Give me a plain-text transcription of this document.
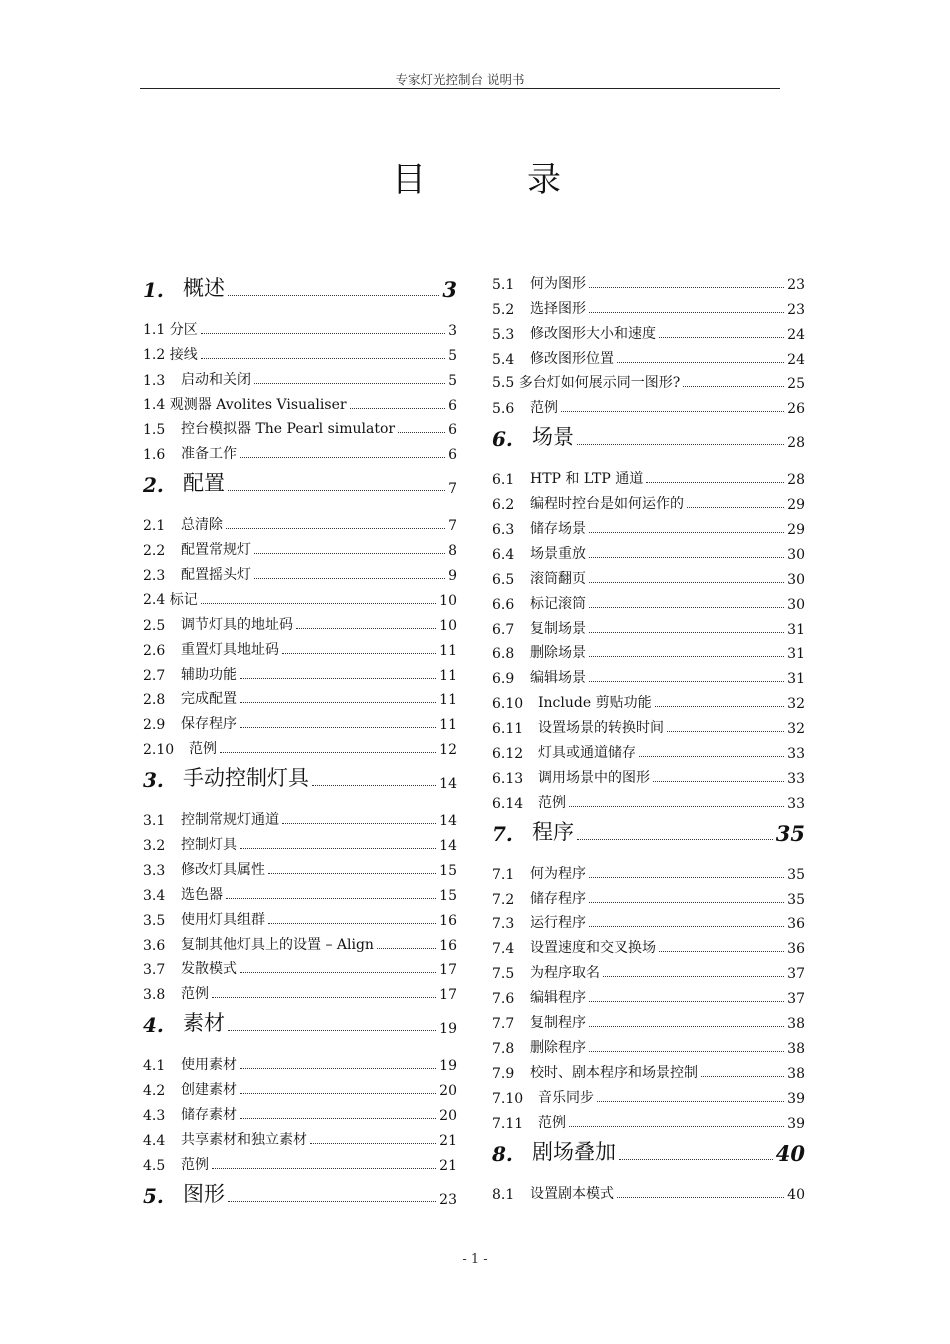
专家灯光控制台 说明书
目	录
1. 概述	3
1.1 分区	3
1.2 接线	5
1.3	启动和关闭	5
1.4 观测器 Avolites Visualiser	6
1.5	控台模拟器 The Pearl simulator	6
1.6	准备工作	6
2. 配置	7
2.1	总清除	7
2.2	配置常规灯	8
2.3	配置摇头灯	9
2.4 标记	10
2.5	调节灯具的地址码	10
2.6	重置灯具地址码	11
2.7	辅助功能	11
2.8	完成配置	11
2.9	保存程序	11
2.10	范例	12
3. 手动控制灯具	14
3.1	控制常规灯通道	14
3.2	控制灯具	14
3.3	修改灯具属性	15
3.4	选色器	15
3.5	使用灯具组群	16
3.6	复制其他灯具上的设置 – Align	16
3.7	发散模式	17
3.8	范例	17
4. 素材	19
4.1	使用素材	19
4.2	创建素材	20
4.3	储存素材	20
4.4	共享素材和独立素材	21
4.5	范例	21
5. 图形	23
5.1	何为图形	23
5.2	选择图形	23
5.3	修改图形大小和速度	24
5.4	修改图形位置	24
5.5 多台灯如何展示同一图形?	25
5.6	范例	26
6. 场景	28
6.1	HTP 和 LTP 通道	28
6.2	编程时控台是如何运作的	29
6.3	储存场景	29
6.4	场景重放	30
6.5	滚筒翻页	30
6.6	标记滚筒	30
6.7	复制场景	31
6.8	删除场景	31
6.9	编辑场景	31
6.10	Include 剪贴功能	32
6.11	设置场景的转换时间	32
6.12	灯具或通道储存	33
6.13	调用场景中的图形	33
6.14	范例	33
7. 程序	35
7.1	何为程序	35
7.2	储存程序	35
7.3	运行程序	36
7.4	设置速度和交叉换场	36
7.5	为程序取名	37
7.6	编辑程序	37
7.7	复制程序	38
7.8	删除程序	38
7.9	校时、剧本程序和场景控制	38
7.10	音乐同步	39
7.11	范例	39
8. 剧场叠加	40
8.1	设置剧本模式	40
- 1 -
